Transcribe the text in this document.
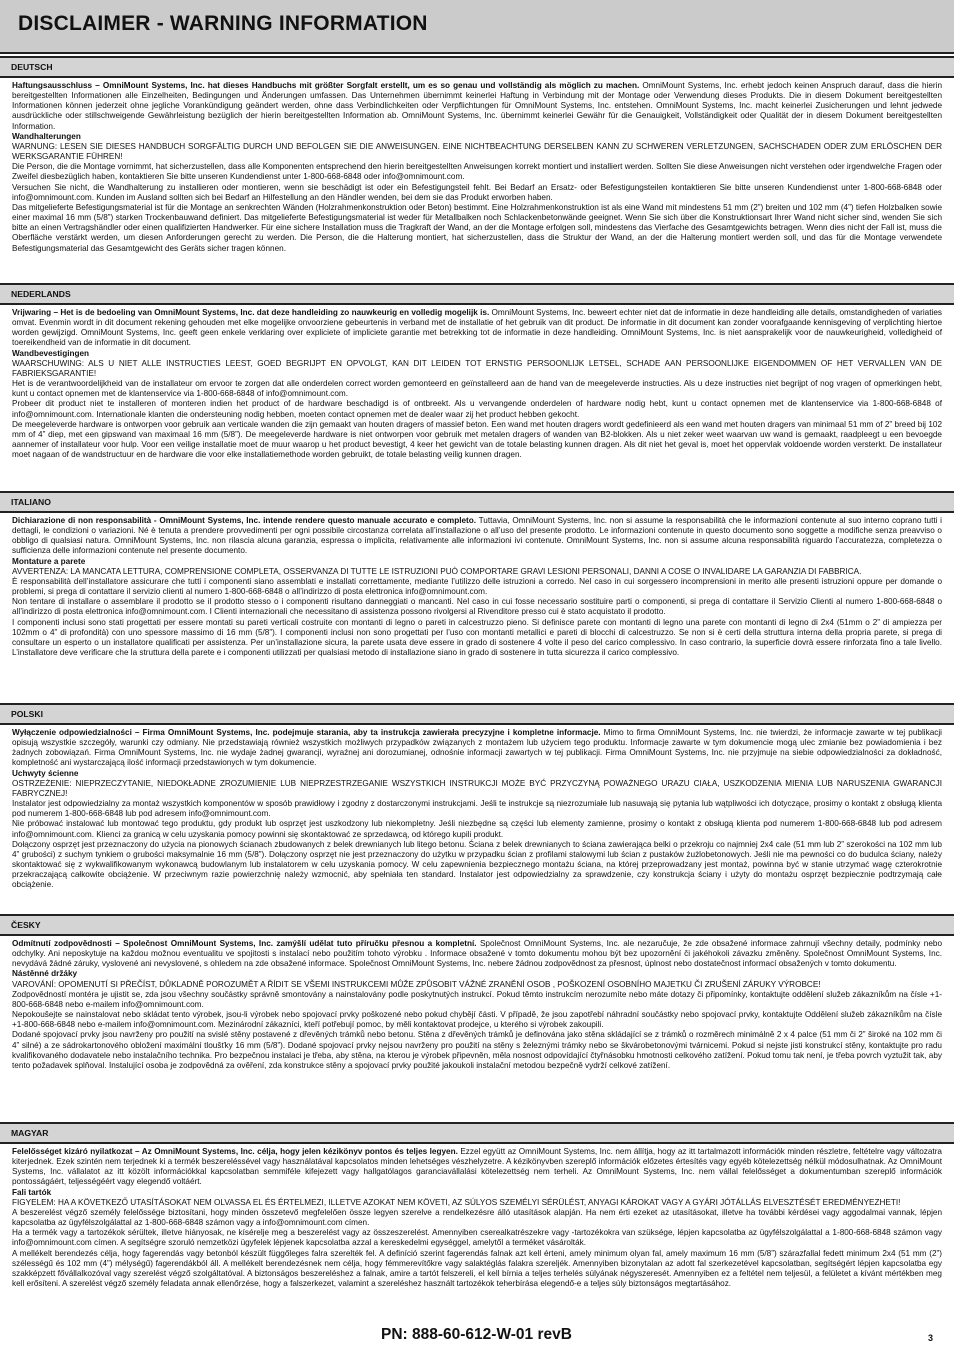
DISCLAIMER - WARNING INFORMATION
DEUTSCH

Haftungsausschluss – OmniMount Systems, Inc. hat dieses Handbuchs mit größter Sorgfalt erstellt, um es so genau und vollständig als möglich zu machen. OmniMount Systems, Inc. erhebt jedoch keinen Anspruch darauf, dass die hierin bereitgestellten Informationen alle Einzelheiten, Bedingungen und Änderungen umfassen. Das Unternehmen übernimmt keinerlei Haftung in Verbindung mit der Montage oder Verwendung dieses Produkts. Die in diesem Dokument bereitgestellten Informationen können jederzeit ohne jegliche Vorankündigung geändert werden, ohne dass Verbindlichkeiten oder Verpflichtungen für OmniMount Systems, Inc. entstehen. OmniMount Systems, Inc. macht keinerlei Zusicherungen und lehnt jedwede ausdrückliche oder stillschweigende Gewährleistung bezüglich der hierin bereitgestellten Information ab. OmniMount Systems, Inc. übernimmt keinerlei Gewähr für die Genauigkeit, Vollständigkeit oder Qualität der in diesem Dokument bereitgestellten Information.

Wandhalterungen

WARNUNG: LESEN SIE DIESES HANDBUCH SORGFÄLTIG DURCH UND BEFOLGEN SIE DIE ANWEISUNGEN. EINE NICHTBEACHTUNG DERSELBEN KANN ZU SCHWEREN VERLETZUNGEN, SACHSCHADEN ODER ZUM ERLÖSCHEN DER WERKSGARANTIE FÜHREN!

Die Person, die die Montage vornimmt, hat sicherzustellen, dass alle Komponenten entsprechend den hierin bereitgestellten Anweisungen korrekt montiert und installiert werden. Sollten Sie diese Anweisungen nicht verstehen oder irgendwelche Fragen oder Zweifel diesbezüglich haben, kontaktieren Sie bitte unseren Kundendienst unter 1-800-668-6848 oder info@omnimount.com.

Versuchen Sie nicht, die Wandhalterung zu installieren oder montieren, wenn sie beschädigt ist oder ein Befestigungsteil fehlt. Bei Bedarf an Ersatz- oder Befestigungsteilen kontaktieren Sie bitte unseren Kundendienst unter 1-800-668-6848 oder info@omnimount.com. Kunden im Ausland sollten sich bei Bedarf an Hilfestellung an den Händler wenden, bei dem sie das Produkt erworben haben.

Das mitgelieferte Befestigungsmaterial ist für die Montage an senkrechten Wänden (Holzrahmenkonstruktion oder Beton) bestimmt. Eine Holzrahmenkonstruktion ist als eine Wand mit mindestens 51 mm (2”) breiten und 102 mm (4”) tiefen Holzbalken sowie einer maximal 16 mm (5/8”) starken Trockenbauwand definiert. Das mitgelieferte Befestigungsmaterial ist weder für Metallbalken noch Schlackenbetonwände geeignet. Wenn Sie sich über die Konstruktionsart Ihrer Wand nicht sicher sind, wenden Sie sich bitte an einen Vertragshändler oder einen qualifizierten Handwerker. Für eine sichere Installation muss die Tragkraft der Wand, an der die Montage erfolgen soll, mindestens das Vierfache des Gesamtgewichts betragen. Wenn dies nicht der Fall ist, muss die Oberfläche verstärkt werden, um diesen Anforderungen gerecht zu werden. Die Person, die die Halterung montiert, hat sicherzustellen, dass die Struktur der Wand, an der die Halterung montiert werden soll, und das für die Montage verwendete Befestigungsmaterial das Gesamtgewicht des Geräts sicher tragen können.

NEDERLANDS

Vrijwaring – Het is de bedoeling van OmniMount Systems, Inc. dat deze handleiding zo nauwkeurig en volledig mogelijk is. OmniMount Systems, Inc. beweert echter niet dat de informatie in deze handleiding alle details, omstandigheden of variaties omvat. Evenmin wordt in dit document rekening gehouden met elke mogelijke onvoorziene gebeurtenis in verband met de installatie of het gebruik van dit product. De informatie in dit document kan zonder voorafgaande kennisgeving of verplichting hiertoe worden gewijzigd. OmniMount Systems, Inc. geeft geen enkele verklaring over expliciete of impliciete garantie met betrekking tot de informatie in deze handleiding. OmniMount Systems, Inc. is niet aansprakelijk voor de nauwkeurigheid, volledigheid of toereikendheid van de informatie in dit document.

Wandbevestigingen

WAARSCHUWING: ALS U NIET ALLE INSTRUCTIES LEEST, GOED BEGRIJPT EN OPVOLGT, KAN DIT LEIDEN TOT ERNSTIG PERSOONLIJK LETSEL, SCHADE AAN PERSOONLIJKE EIGENDOMMEN OF HET VERVALLEN VAN DE FABRIEKSGARANTIE!

Het is de verantwoordelijkheid van de installateur om ervoor te zorgen dat alle onderdelen correct worden gemonteerd en geïnstalleerd aan de hand van de meegeleverde instructies. Als u deze instructies niet begrijpt of nog vragen of opmerkingen hebt, kunt u contact opnemen met de klantenservice via 1-800-668-6848 of info@omnimount.com.

Probeer dit product niet te installeren of monteren indien het product of de hardware beschadigd is of ontbreekt. Als u vervangende onderdelen of hardware nodig hebt, kunt u contact opnemen met de klantenservice via 1-800-668-6848 of info@omnimount.com. Internationale klanten die ondersteuning nodig hebben, moeten contact opnemen met de dealer waar zij het product hebben gekocht.

De meegeleverde hardware is ontworpen voor gebruik aan verticale wanden die zijn gemaakt van houten dragers of massief beton. Een wand met houten dragers wordt gedefinieerd als een wand met houten dragers van minimaal 51 mm of 2” breed bij 102 mm of 4” diep, met een gipswand van maximaal 16 mm (5/8”). De meegeleverde hardware is niet ontworpen voor gebruik met metalen dragers of wanden van B2-blokken. Als u niet zeker weet waarvan uw wand is gemaakt, raadpleegt u een bevoegde aannemer of installateur voor hulp. Voor een veilige installatie moet de muur waarop u het product bevestigt, 4 keer het gewicht van de totale belasting kunnen dragen. Als dit niet het geval is, moet het oppervlak voldoende worden versterkt. De installateur moet nagaan of de wandstructuur en de hardware die voor elke installatiemethode worden gebruikt, de totale belasting veilig kunnen dragen.

ITALIANO

Dichiarazione di non responsabilità - OmniMount Systems, Inc. intende rendere questo manuale accurato e completo. Tuttavia, OmniMount Systems, Inc. non si assume la responsabilità che le informazioni contenute al suo interno coprano tutti i dettagli, le condizioni o variazioni. Né è tenuta a prendere provvedimenti per ogni possibile circostanza correlata all’installazione o all’uso del presente prodotto. Le informazioni contenute in questo documento sono soggette a modifiche senza preavviso o obbligo di qualsiasi natura. OmniMount Systems, Inc. non rilascia alcuna garanzia, espressa o implicita, relativamente alle informazioni ivi contenute. OmniMount Systems, Inc. non si assume alcuna responsabilità riguardo l’accuratezza, completezza o sufficienza delle informazioni contenute nel presente documento.

Montature a parete

AVVERTENZA: LA MANCATA LETTURA, COMPRENSIONE COMPLETA, OSSERVANZA DI TUTTE LE ISTRUZIONI PUÒ COMPORTARE GRAVI LESIONI PERSONALI, DANNI A COSE O INVALIDARE LA GARANZIA DI FABBRICA.

È responsabilità dell’installatore assicurare che tutti i componenti siano assemblati e installati correttamente, mediante l’utilizzo delle istruzioni a corredo. Nel caso in cui sorgessero incomprensioni in merito alle presenti istruzioni oppure per domande o problemi, si prega di contattare il servizio clienti al numero 1-800-668-6848 o all’indirizzo di posta elettronica info@omnimount.com.

Non tentare di installare o assemblare il prodotto se il prodotto stesso o i componenti risultano danneggiati o mancanti. Nel caso in cui fosse necessario sostituire parti o componenti, si prega di contattare il Servizio Clienti al numero 1-800-668-6848 o all’indirizzo di posta elettronica info@omnimount.com. I Clienti internazionali che necessitano di assistenza possono rivolgersi al Rivenditore presso cui è stato acquistato il prodotto.

I componenti inclusi sono stati progettati per essere montati su pareti verticali costruite con montanti di legno o pareti in calcestruzzo pieno. Si definisce parete con montanti di legno una parete con montanti di legno di 2x4 (51mm o 2” di ampiezza per 102mm o 4” di profondità) con uno spessore massimo di 16 mm (5/8”). I componenti inclusi non sono progettati per l’uso con montanti metallici e pareti di blocchi di calcestruzzo. Se non si è certi della struttura interna della propria parete, si prega di consultare un esperto o un installatore qualificati per assistenza. Per un’installazione sicura, la parete usata deve essere in grado di sostenere 4 volte il peso del carico complessivo. In caso contrario, la superficie dovrà essere rinforzata fino a tale livello. L’installatore deve verificare che la struttura della parete e i componenti utilizzati per qualsiasi metodo di installazione siano in grado di sostenere in tutta sicurezza il carico complessivo.

POLSKI

Wyłączenie odpowiedzialności – Firma OmniMount Systems, Inc. podejmuje starania, aby ta instrukcja zawierała precyzyjne i kompletne informacje. Mimo to firma OmniMount Systems, Inc. nie twierdzi, że informacje zawarte w tej publikacji opisują wszystkie szczegóły, warunki czy odmiany. Nie przedstawiają również wszystkich możliwych przypadków związanych z montażem lub użyciem tego produktu. Informacje zawarte w tym dokumencie mogą ulec zmianie bez powiadomienia i bez żadnych zobowiązań. Firma OmniMount Systems, Inc. nie wydaje żadnej gwarancji, wyraźnej ani dorozumianej, odnośnie informacji zawartych w tej publikacji. Firma OmniMount Systems, Inc. nie przyjmuje na siebie odpowiedzialności za dokładność, kompletność ani wystarczającą ilość informacji przedstawionych w tym dokumencie.

Uchwyty ścienne

OSTRZEŻENIE: NIEPRZECZYTANIE, NIEDOKŁADNE ZROZUMIENIE LUB NIEPRZESTRZEGANIE WSZYSTKICH INSTRUKCJI MOŻE BYĆ PRZYCZYNĄ POWAŻNEGO URAZU CIAŁA, USZKODZENIA MIENIA LUB NARUSZENIA GWARANCJI FABRYCZNEJ!

Instalator jest odpowiedzialny za montaż wszystkich komponentów w sposób prawidłowy i zgodny z dostarczonymi instrukcjami. Jeśli te instrukcje są niezrozumiałe lub nasuwają się pytania lub wątpliwości ich dotyczące, prosimy o kontakt z obsługą klienta pod numerem 1-800-668-6848 lub pod adresem info@omnimount.com.

Nie próbować instalować lub montować tego produktu, gdy produkt lub osprzęt jest uszkodzony lub niekompletny. Jeśli niezbędne są części lub elementy zamienne, prosimy o kontakt z obsługą klienta pod numerem 1-800-668-6848 lub pod adresem info@omnimount.com. Klienci za granicą w celu uzyskania pomocy powinni się skontaktować ze sprzedawcą, od którego kupili produkt.

Dołączony osprzęt jest przeznaczony do użycia na pionowych ścianach zbudowanych z belek drewnianych lub litego betonu. Ściana z belek drewnianych to ściana zawierająca belki o przekroju co najmniej 2x4 cale (51 mm lub 2” szerokości na 102 mm lub 4” grubości) z suchym tynkiem o grubości maksymalnie 16 mm (5/8”). Dołączony osprzęt nie jest przeznaczony do użytku w przypadku ścian z profilami stalowymi lub ścian z pustaków żużlobetonowych. Jeśli nie ma pewności co do budulca ściany, należy skontaktować się z wykwalifikowanym wykonawcą budowlanym lub instalatorem w celu uzyskania pomocy. W celu zapewnienia bezpiecznego montażu ściana, na której przeprowadzany jest montaż, powinna być w stanie utrzymać wagę czterokrotnie przekraczającą całkowite obciążenie. W przeciwnym razie powierzchnię należy wzmocnić, aby spełniała ten standard. Instalator jest odpowiedzialny za sprawdzenie, czy konstrukcja ściany i użyty do montażu osprzęt bezpiecznie podtrzymają całe obciążenie.

ČESKY

Odmítnutí zodpovědnosti – Společnost OmniMount Systems, Inc. zamýšlí udělat tuto příručku přesnou a kompletní. Společnost OmniMount Systems, Inc. ale nezaručuje, že zde obsažené informace zahrnují všechny detaily, podmínky nebo odchylky. Ani neposkytuje na každou možnou eventualitu ve spojitosti s instalací nebo použitím tohoto výrobku . Informace obsažené v tomto dokumentu mohou být bez upozornění či jakéhokoli závazku změněny. Společnost OmniMount Systems, Inc. nevydává žádné záruky, vyslovené ani nevyslovené, s ohledem na zde obsažené informace. Společnost OmniMount Systems, Inc. nebere žádnou zodpovědnost za přesnost, úplnost nebo dostatečnost informací obsažených v tomto dokumentu.

Nástěnné držáky

VAROVÁNÍ: OPOMENUTÍ SI PŘEČÍST, DŮKLADNĚ POROZUMĚT A ŘÍDIT SE VŠEMI INSTRUKCEMI MŮŽE ZPŮSOBIT VÁŽNÉ ZRANĚNÍ OSOB , POŠKOZENÍ OSOBNÍHO MAJETKU ČI ZRUŠENÍ ZÁRUKY VÝROBCE!

Zodpovědností montéra je ujistit se, zda jsou všechny součástky správně smontovány a nainstalovány podle poskytnutých instrukcí. Pokud těmto instrukcím nerozumíte nebo máte dotazy či připomínky, kontaktujte oddělení služeb zákazníkům na čísle +1-800-668-6848 nebo e-mailem info@omnimount.com.

Nepokoušejte se nainstalovat nebo skládat tento výrobek, jsou-li výrobek nebo spojovací prvky poškozené nebo pokud chybějí části. V případě, že jsou zapotřebí náhradní součástky nebo spojovací prvky, kontaktujte Oddělení služeb zákazníkům na čísle +1-800-668-6848 nebo e-mailem info@omnimount.com. Mezinárodní zákazníci, kteří potřebují pomoc, by měli kontaktovat prodejce, u kterého si výrobek zakoupili.

Dodané spojovací prvky jsou navrženy pro použití na svislé stěny postavené z dřevěných trámků nebo betonu. Stěna z dřevěných trámků je definována jako stěna skládající se z trámků o rozměrech minimálně 2 x 4 palce (51 mm či 2” široké na 102 mm či 4” silné) a ze sádrokartonového obložení maximální tloušťky 16 mm (5/8”). Dodané spojovací prvky nejsou navrženy pro použití na stěny s železnými trámky nebo se škvárobetonovými tvárnicemi. Pokud si nejste jisti konstrukcí stěny, kontaktujte pro radu kvalifikovaného dodavatele nebo instalačního technika. Pro bezpečnou instalaci je třeba, aby stěna, na kterou je výrobek připevněn, měla nosnost odpovídající čtyřnásobku hmotnosti celkového zatížení. Pokud tomu tak není, je třeba povrch vyztužit tak, aby tento požadavek splňoval. Instalující osoba je zodpovědná za ověření, zda konstrukce stěny a spojovací prvky použité jakoukoli instalační metodou bezpečně vydrží celkové zatížení.

MAGYAR

Felelősséget kizáró nyilatkozat – Az OmniMount Systems, Inc. célja, hogy jelen kézikönyv pontos és teljes legyen. Ezzel együtt az OmniMount Systems, Inc. nem állítja, hogy az itt tartalmazott információk minden részletre, feltételre vagy változatra kiterjednek. Ezek szintén nem terjednek ki a termék beszereléssével vagy használatával kapcsolatos minden lehetséges vészhelyzetre. A kézikönyvben szereplő információk előzetes értesítés vagy egyéb kötelezettség nélkül módosulhatnak. Az OmniMount Systems, Inc. vállalatot az itt közölt információkkal kapcsolatban semmiféle kifejezett vagy hallgatólagos garanciavállalási kötelezettség nem terheli. Az OmniMount Systems, Inc. nem vállal felelősséget a dokumentumban szereplő információk pontosságáért, teljességéért vagy elegendő voltáért.

Fali tartók

FIGYELEM: HA A KÖVETKEZŐ UTASÍTÁSOKAT NEM OLVASSA EL ÉS ÉRTELMEZI, ILLETVE AZOKAT NEM KÖVETI, AZ SÚLYOS SZEMÉLYI SÉRÜLÉST, ANYAGI KÁROKAT VAGY A GYÁRI JÓTÁLLÁS ELVESZTÉSÉT EREDMÉNYEZHETI!

A beszerelést végző személy felelőssége biztosítani, hogy minden összetevő megfelelően össze legyen szerelve a rendelkezésre álló utasítások alapján. Ha nem érti ezeket az utasításokat, illetve ha további kérdései vagy aggodalmai vannak, lépjen kapcsolatba az ügyfélszolgálattal az 1-800-668-6848 számon vagy a info@omnimount.com címen.

Ha a termék vagy a tartozékok sérültek, illetve hiányosak, ne kísérelje meg a beszerelést vagy az összeszerelést. Amennyiben cserealkatrészekre vagy -tartozékokra van szüksége, lépjen kapcsolatba az ügyfélszolgálattal a 1-800-668-6848 számon vagy info@omnimount.com címen. A segítségre szoruló nemzetközi ügyfelek lépjenek kapcsolatba azzal a kereskedelmi egységgel, amelytől a terméket vásárolták.

A mellékelt berendezés célja, hogy fagerendás vagy betonból készült függőleges falra szerelték fel. A definíció szerint fagerendás falnak azt kell érteni, amely minimum olyan fal, amely maximum 16 mm (5/8”) szárazfallal fedett minimum 2x4 (51 mm (2”) szélességű és 102 mm (4”) mélységű) fagerendákból áll. A mellékelt berendezésnek nem célja, hogy fémmerevítőkre vagy salaktéglás falakra szereljék. Amennyiben bizonytalan az adott fal szerkezetével kapcsolatban, segítségért lépjen kapcsolatba egy szakképzett fővállalkozóval vagy szerelést végző szolgáltatóval. A biztonságos beszereléshez a falnak, amire a tartót felszereli, el kell bírnia a teljes terhelés súlyának négyszeresét. Amennyiben ez a feltétel nem teljesül, a felületet a kívánt mértékben meg kell erősíteni. A szerelést végző személy feladata annak ellenőrzése, hogy a falszerkezet, valamint a szereléshez használt tartozékok teherbírása elegendő-e a teljes súly biztonságos megtartásához.

PN: 888-60-612-W-01 revB	3
